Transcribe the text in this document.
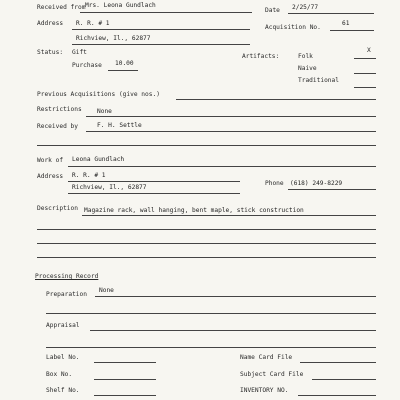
Received from Mrs. Leona Gundlach
Date 2/25/77
Address R. R. # 1
Richview, Il., 62877
Acquisition No.
61
Status: Gift
Purchase 10.00
Artifacts:	Folk
X
Naive
Traditional
Previous Acquisitions (give nos.)
Restrictions None
Received by	F. H. Settle
Work of Leona Gundlach
Address R. R. # 1
Richview, Il., 62877
Phone (618) 249-8229
Description Magazine rack, wall hanging, bent maple, stick construction
Processing Record
Preparation
None
Appraisal
Label No.
Box No.
Shelf No.
Name Card File
Subject Card File
INVENTORY NO.
